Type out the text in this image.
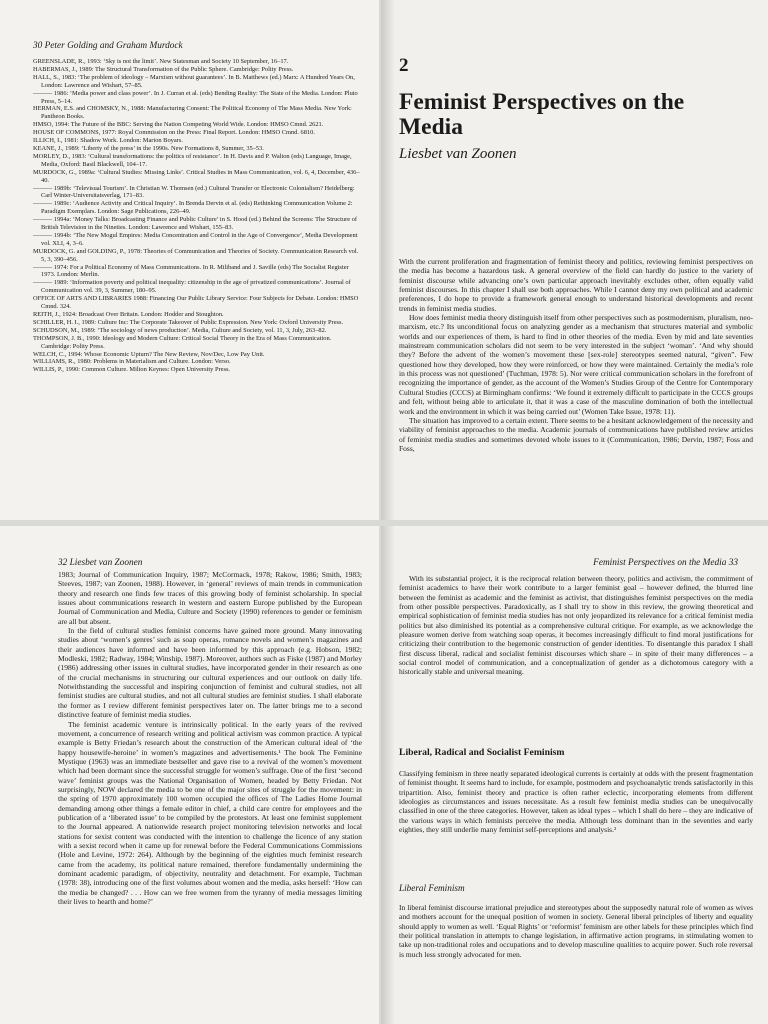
30 Peter Golding and Graham Murdock

GREENSLADE, R., 1993: ‘Sky is not the limit’. New Statesman and Society 10 September, 16–17.

HABERMAS, J., 1989: The Structural Transformation of the Public Sphere. Cambridge: Polity Press.

HALL, S., 1983: ‘The problem of ideology – Marxism without guarantees’. In B. Matthews (ed.) Marx: A Hundred Years On, London: Lawrence and Wishart, 57–85.

——— 1986: ‘Media power and class power’. In J. Curran et al. (eds) Bending Reality: The State of the Media. London: Pluto Press, 5–14.

HERMAN, E.S. and CHOMSKY, N., 1988: Manufacturing Consent: The Political Economy of The Mass Media. New York: Pantheon Books.

HMSO, 1994: The Future of the BBC: Serving the Nation Competing World Wide. London: HMSO Cmnd. 2621.

HOUSE OF COMMONS, 1977: Royal Commission on the Press: Final Report. London: HMSO Cmnd. 6810.

ILLICH, I., 1981: Shadow Work. London: Marion Boyars.

KEANE, J., 1989: ‘Liberty of the press’ in the 1990s. New Formations 8, Summer, 35–53.

MORLEY, D., 1983: ‘Cultural transformations: the politics of resistance’. In H. Davis and P. Walton (eds) Language, Image, Media, Oxford: Basil Blackwell, 104–17.

MURDOCK, G., 1989a: ‘Cultural Studies: Missing Links’. Critical Studies in Mass Communication, vol. 6, 4, December, 436–40.

——— 1989b: ‘Televisual Tourism’. In Christian W. Thomsen (ed.) Cultural Transfer or Electronic Colonialism? Heidelberg: Carl Winter-Universitatsverlag, 171–83.

——— 1989c: ‘Audience Activity and Critical Inquiry’. In Brenda Dervin et al. (eds) Rethinking Communication Volume 2: Paradigm Exemplars. London: Sage Publications, 226–49.

——— 1994a: ‘Money Talks: Broadcasting Finance and Public Culture’ in S. Hood (ed.) Behind the Screens: The Structure of British Television in the Nineties. London: Lawrence and Wishart, 155–83.

——— 1994b: ‘The New Mogul Empires: Media Concentration and Control in the Age of Convergence’, Media Development vol. XLI, 4, 3–6.

MURDOCK, G. and GOLDING, P., 1978: Theories of Communication and Theories of Society. Communication Research vol. 5, 3, 390–456.

——— 1974: For a Political Economy of Mass Communications. In R. Miliband and J. Saville (eds) The Socialist Register 1973. London: Merlin.

——— 1989: ‘Information poverty and political inequality: citizenship in the age of privatized communications’. Journal of Communication vol. 39, 3, Summer, 180–95.

OFFICE OF ARTS AND LIBRARIES 1988: Financing Our Public Library Service: Four Subjects for Debate. London: HMSO Cmnd. 324.

REITH, J., 1924: Broadcast Over Britain. London: Hodder and Stoughton.

SCHILLER, H. I., 1989: Culture Inc: The Corporate Takeover of Public Expression. New York: Oxford University Press.

SCHUDSON, M., 1989: ‘The sociology of news production’. Media, Culture and Society, vol. 11, 3, July, 263–82.

THOMPSON, J. B., 1990: Ideology and Modern Culture: Critical Social Theory in the Era of Mass Communication. Cambridge: Polity Press.

WELCH, C., 1994: Whose Economic Upturn? The New Review, Nov/Dec, Low Pay Unit.

WILLIAMS, R., 1980: Problems in Materialism and Culture. London: Verso.

WILLIS, P., 1990: Common Culture. Milton Keynes: Open University Press.

2
Feminist Perspectives on the Media
Liesbet van Zoonen

With the current proliferation and fragmentation of feminist theory and politics, reviewing feminist perspectives on the media has become a hazardous task. A general overview of the field can hardly do justice to the variety of feminist discourse while advancing one’s own particular approach inevitably excludes other, often equally valid feminist discourses. In this chapter I shall use both approaches. While I cannot deny my own political and academic preferences, I do hope to provide a framework general enough to understand historical developments and recent trends in feminist media studies.

How does feminist media theory distinguish itself from other perspectives such as postmodernism, pluralism, neo-marxism, etc.? Its unconditional focus on analyzing gender as a mechanism that structures material and symbolic worlds and our experiences of them, is hard to find in other theories of the media. Even by mid and late seventies mainstream communication scholars did not seem to be very interested in the subject ‘woman’. ‘And why should they? Before the advent of the women’s movement these [sex-role] stereotypes seemed natural, “given”. Few questioned how they developed, how they were reinforced, or how they were maintained. Certainly the media’s role in this process was not questioned’ (Tuchman, 1978: 5). Nor were critical communication scholars in the forefront of recognizing the importance of gender, as the account of the Women’s Studies Group of the Centre for Contemporary Cultural Studies (CCCS) at Birmingham confirms: ‘We found it extremely difficult to participate in the CCCS groups and felt, without being able to articulate it, that it was a case of the masculine domination of both the intellectual work and the environment in which it was being carried out’ (Women Take Issue, 1978: 11).

The situation has improved to a certain extent. There seems to be a hesitant acknowledgement of the necessity and viability of feminist approaches to the media. Academic journals of communications have published review articles of feminist media studies and sometimes devoted whole issues to it (Communication, 1986; Dervin, 1987; Foss and Foss,

32 Liesbet van Zoonen

1983; Journal of Communication Inquiry, 1987; McCormack, 1978; Rakow, 1986; Smith, 1983; Steeves, 1987; van Zoonen, 1988). However, in ‘general’ reviews of main trends in communication theory and research one finds few traces of this growing body of feminist scholarship. In special issues about communications research in western and eastern Europe published by the European Journal of Communication and Media, Culture and Society (1990) references to gender or feminism are all but absent.

In the field of cultural studies feminist concerns have gained more ground. Many innovating studies about ‘women’s genres’ such as soap operas, romance novels and women’s magazines and their audiences have informed and have been informed by this approach (e.g. Hobson, 1982; Modleski, 1982; Radway, 1984; Winship, 1987). Moreover, authors such as Fiske (1987) and Morley (1986) addressing other issues in cultural studies, have incorporated gender in their research as one of the crucial mechanisms in structuring our cultural experiences and our outlook on daily life. Notwithstanding the successful and inspiring conjunction of feminist and cultural studies, not all feminist studies are cultural studies, and not all cultural studies are feminist studies. I shall elaborate the former as I review different feminist perspectives later on. The latter brings me to a second distinctive feature of feminist media studies.

The feminist academic venture is intrinsically political. In the early years of the revived movement, a concurrence of research writing and political activism was common practice. A typical example is Betty Friedan’s research about the construction of the American cultural ideal of ‘the happy housewife-heroine’ in women’s magazines and advertisements.¹ The book The Feminine Mystique (1963) was an immediate bestseller and gave rise to a revival of the women’s movement which had been dormant since the successful struggle for women’s suffrage. One of the first ‘second wave’ feminist groups was the National Organisation of Women, headed by Betty Friedan. Not surprisingly, NOW declared the media to be one of the major sites of struggle for the movement: in the spring of 1970 approximately 100 women occupied the offices of The Ladies Home Journal demanding among other things a female editor in chief, a child care centre for employees and the publication of a ‘liberated issue’ to be compiled by the protestors. At least one feminist supplement to the Journal appeared. A nationwide research project monitoring television networks and local stations for sexist content was conducted with the intention to challenge the licence of any station with a sexist record when it came up for renewal before the Federal Communications Commissions (Hole and Levine, 1972: 264). Although by the beginning of the eighties much feminist research came from the academy, its political nature remained, therefore fundamentally undermining the dominant academic paradigm, of objectivity, neutrality and detachment. For example, Tuchman (1978: 38), introducing one of the first volumes about women and the media, asks herself: ‘How can the media be changed? . . . How can we free women from the tyranny of media messages limiting their lives to hearth and home?’

Feminist Perspectives on the Media 33

With its substantial project, it is the reciprocal relation between theory, politics and activism, the commitment of feminist academics to have their work contribute to a larger feminist goal – however defined, the blurred line between the feminist as academic and the feminist as activist, that distinguishes feminist perspectives on the media from other possible perspectives. Paradoxically, as I shall try to show in this review, the growing theoretical and empirical sophistication of feminist media studies has not only jeopardized its relevance for a critical feminist media politics but also diminished its potential as a comprehensive cultural critique. For example, as we acknowledge the pleasure women derive from watching soap operas, it becomes increasingly difficult to find moral justifications for criticizing their contribution to the hegemonic construction of gender identities. To disentangle this paradox I shall first discuss liberal, radical and socialist feminist discourses which share – in spite of their many differences – a social control model of communication, and a conceptualization of gender as a dichotomous category with a historically stable and universal meaning.

Liberal, Radical and Socialist Feminism

Classifying feminism in three neatly separated ideological currents is certainly at odds with the present fragmentation of feminist thought. It seems hard to include, for example, postmodern and psychoanalytic trends satisfactorily in this tripartition. Also, feminist theory and practice is often rather eclectic, incorporating elements from different ideologies as circumstances and issues necessitate. As a result few feminist media studies can be unequivocally classified in one of the three categories. However, taken as ideal types – which I shall do here – they are indicative of the various ways in which feminists perceive the media. Although less dominant than in the seventies and early eighties, they still underlie many feminist self-perceptions and analysis.²

Liberal Feminism

In liberal feminist discourse irrational prejudice and stereotypes about the supposedly natural role of women as wives and mothers account for the unequal position of women in society. General liberal principles of liberty and equality should apply to women as well. ‘Equal Rights’ or ‘reformist’ feminism are other labels for these principles which find their political translation in attempts to change legislation, in affirmative action programs, in stimulating women to take up non-traditional roles and occupations and to develop masculine qualities to acquire power. Such role reversal is much less strongly advocated for men.
